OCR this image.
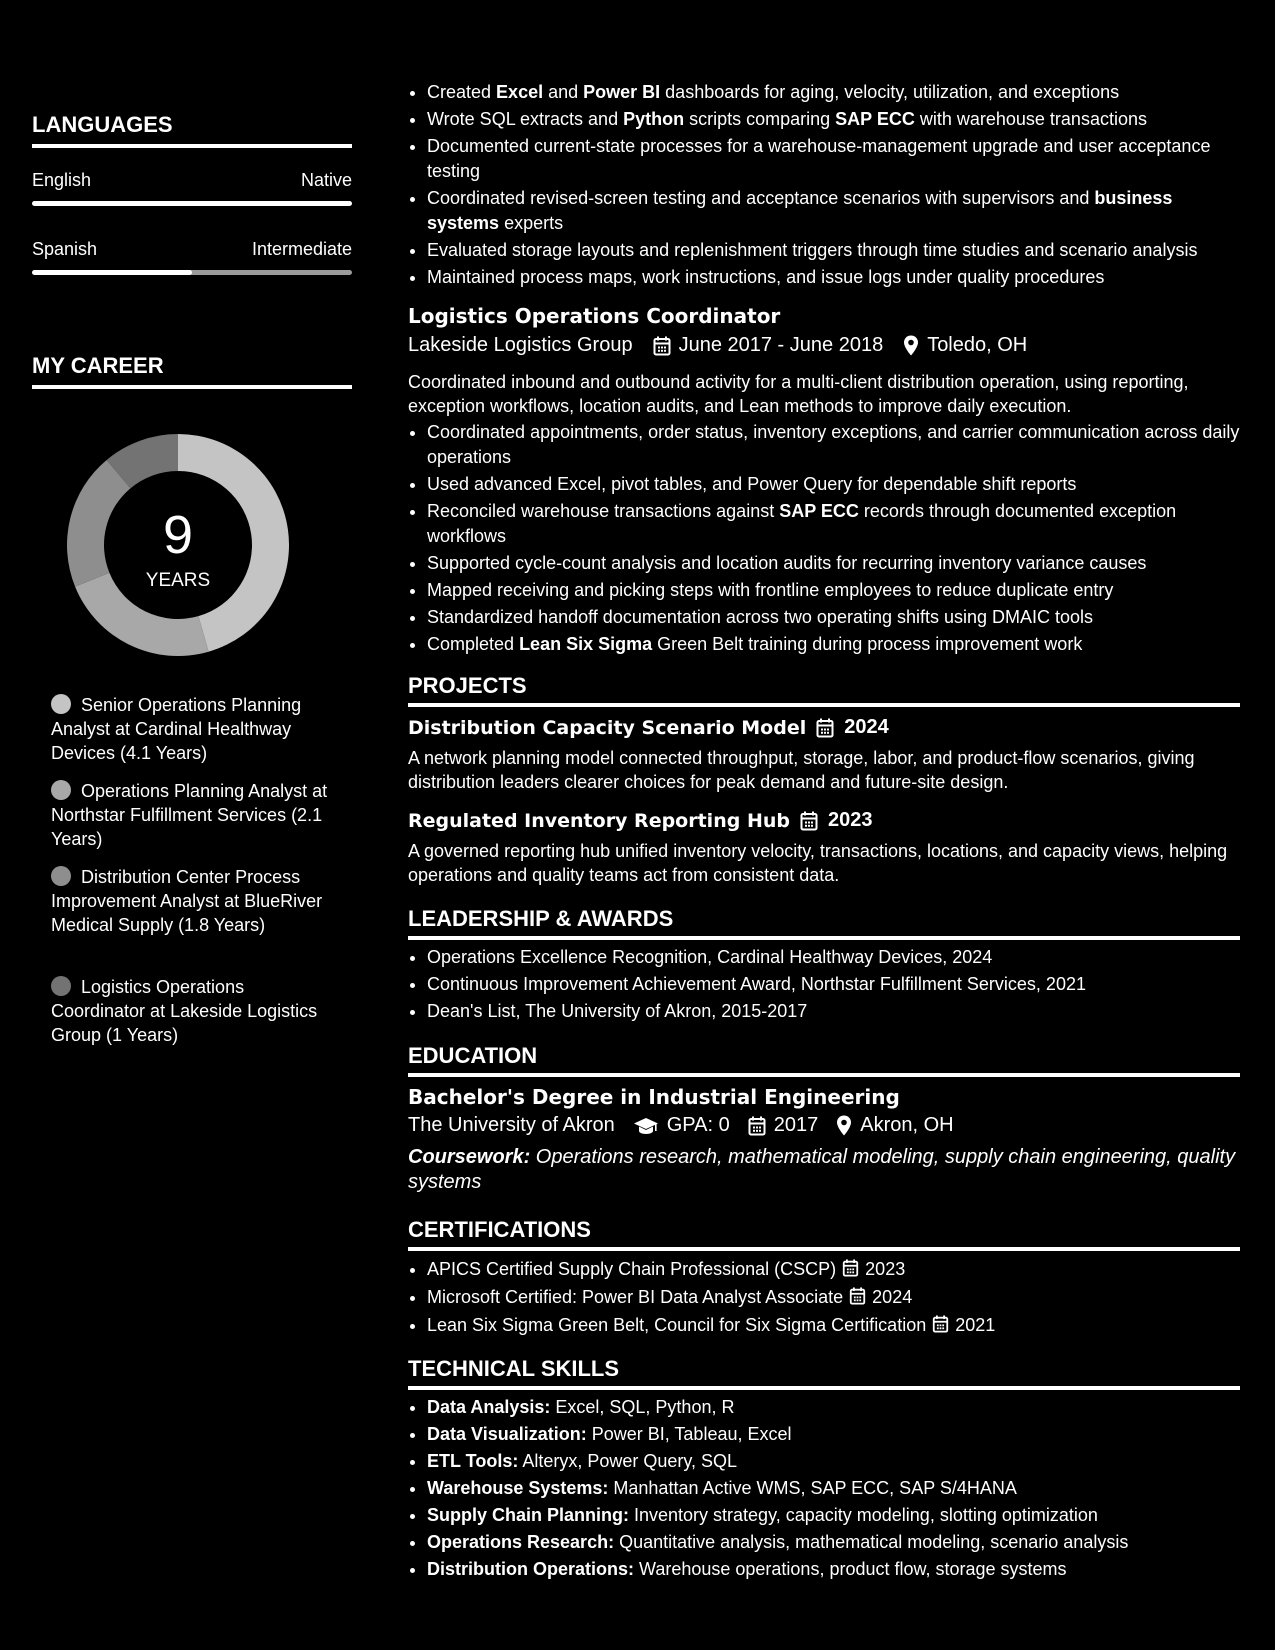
LANGUAGES
English	Native
Spanish	Intermediate
MY CAREER
9
YEARS
Senior Operations Planning Analyst at Cardinal Healthway Devices (4.1 Years)
Operations Planning Analyst at Northstar Fulfillment Services (2.1 Years)
Distribution Center Process Improvement Analyst at BlueRiver Medical Supply (1.8 Years)
Logistics Operations Coordinator at Lakeside Logistics Group (1 Years)
• Created Excel and Power BI dashboards for aging, velocity, utilization, and exceptions
• Wrote SQL extracts and Python scripts comparing SAP ECC with warehouse transactions
• Documented current-state processes for a warehouse-management upgrade and user acceptance testing
• Coordinated revised-screen testing and acceptance scenarios with supervisors and business systems experts
• Evaluated storage layouts and replenishment triggers through time studies and scenario analysis
• Maintained process maps, work instructions, and issue logs under quality procedures
Logistics Operations Coordinator
Lakeside Logistics Group June 2017 - June 2018 Toledo, OH
Coordinated inbound and outbound activity for a multi-client distribution operation, using reporting, exception workflows, location audits, and Lean methods to improve daily execution.
• Coordinated appointments, order status, inventory exceptions, and carrier communication across daily operations
• Used advanced Excel, pivot tables, and Power Query for dependable shift reports
• Reconciled warehouse transactions against SAP ECC records through documented exception workflows
• Supported cycle-count analysis and location audits for recurring inventory variance causes
• Mapped receiving and picking steps with frontline employees to reduce duplicate entry
• Standardized handoff documentation across two operating shifts using DMAIC tools
• Completed Lean Six Sigma Green Belt training during process improvement work
PROJECTS
Distribution Capacity Scenario Model 2024
A network planning model connected throughput, storage, labor, and product-flow scenarios, giving distribution leaders clearer choices for peak demand and future-site design.
Regulated Inventory Reporting Hub 2023
A governed reporting hub unified inventory velocity, transactions, locations, and capacity views, helping operations and quality teams act from consistent data.
LEADERSHIP & AWARDS
• Operations Excellence Recognition, Cardinal Healthway Devices, 2024
• Continuous Improvement Achievement Award, Northstar Fulfillment Services, 2021
• Dean's List, The University of Akron, 2015-2017
EDUCATION
Bachelor's Degree in Industrial Engineering
The University of Akron	GPA: 0 2017 Akron, OH
Coursework: Operations research, mathematical modeling, supply chain engineering, quality systems
CERTIFICATIONS
• APICS Certified Supply Chain Professional (CSCP) 2023
• Microsoft Certified: Power BI Data Analyst Associate 2024
• Lean Six Sigma Green Belt, Council for Six Sigma Certification 2021
TECHNICAL SKILLS
• Data Analysis: Excel, SQL, Python, R
• Data Visualization: Power BI, Tableau, Excel
• ETL Tools: Alteryx, Power Query, SQL
• Warehouse Systems: Manhattan Active WMS, SAP ECC, SAP S/4HANA
• Supply Chain Planning: Inventory strategy, capacity modeling, slotting optimization
• Operations Research: Quantitative analysis, mathematical modeling, scenario analysis
• Distribution Operations: Warehouse operations, product flow, storage systems
